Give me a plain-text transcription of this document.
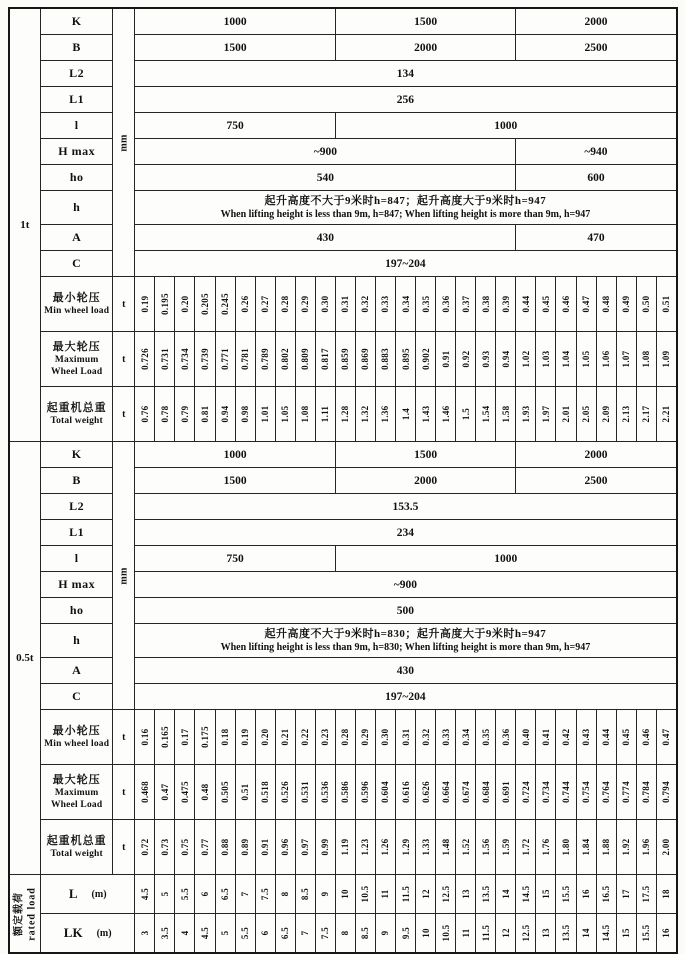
1t	K	mm	1000										1500									2000							

	B		1500										2000									2500							

	L2		134																										

	L1		256																										

	l		750										1000																

	H max		~900																			~940							

	ho		540																			600							

	h		起升高度不大于9米时h=847；起升高度大于9米时h=947
When lifting height is less than 9m, h=847; When lifting height is more than 9m, h=947																										

	A		430																			470							

	C		197~204																										

	最小轮压
Min wheel load	t	0.19	0.195	0.20	0.205	0.245	0.26	0.27	0.28	0.29	0.30	0.31	0.32	0.33	0.34	0.35	0.36	0.37	0.38	0.39	0.44	0.45	0.46	0.47	0.48	0.49	0.50	0.51

	最大轮压
Maximum Wheel Load	t	0.726	0.731	0.734	0.739	0.771	0.781	0.789	0.802	0.809	0.817	0.859	0.869	0.883	0.895	0.902	0.91	0.92	0.93	0.94	1.02	1.03	1.04	1.05	1.06	1.07	1.08	1.09

	起重机总重
Total weight	t	0.76	0.78	0.79	0.81	0.94	0.98	1.01	1.05	1.08	1.11	1.28	1.32	1.36	1.4	1.43	1.46	1.5	1.54	1.58	1.93	1.97	2.01	2.05	2.09	2.13	2.17	2.21

0.5t	K	mm	1000										1500									2000							

	B		1500										2000									2500							

	L2		153.5																										

	L1		234																										

	l		750										1000																

	H max		~900																										

	ho		500																										

	h		起升高度不大于9米时h=830；起升高度大于9米时h=947
When lifting height is less than 9m, h=830; When lifting height is more than 9m, h=947																										

	A		430																										

	C		197~204																										

	最小轮压
Min wheel load	t	0.16	0.165	0.17	0.175	0.18	0.19	0.20	0.21	0.22	0.23	0.28	0.29	0.30	0.31	0.32	0.33	0.34	0.35	0.36	0.40	0.41	0.42	0.43	0.44	0.45	0.46	0.47

	最大轮压
Maximum Wheel Load	t	0.468	0.47	0.475	0.48	0.505	0.51	0.518	0.526	0.531	0.536	0.586	0.596	0.604	0.616	0.626	0.664	0.674	0.684	0.691	0.724	0.734	0.744	0.754	0.764	0.774	0.784	0.794

	起重机总重
Total weight	t	0.72	0.73	0.75	0.77	0.88	0.89	0.91	0.96	0.97	0.99	1.19	1.23	1.26	1.29	1.33	1.48	1.52	1.56	1.59	1.72	1.76	1.80	1.84	1.88	1.92	1.96	2.00

额定载荷 rated load	L (m)	4.5	5	5.5	6	6.5	7	7.5	8	8.5	9	10	10.5	11	11.5	12	12.5	13	13.5	14	14.5	15	15.5	16	16.5	17	17.5	18

	LK (m)		3	3.5	4	4.5	5	5.5	6	6.5	7	7.5	8	8.5	9	9.5	10	10.5	11	11.5	12	12.5	13	13.5	14	14.5	15	15.5	16
